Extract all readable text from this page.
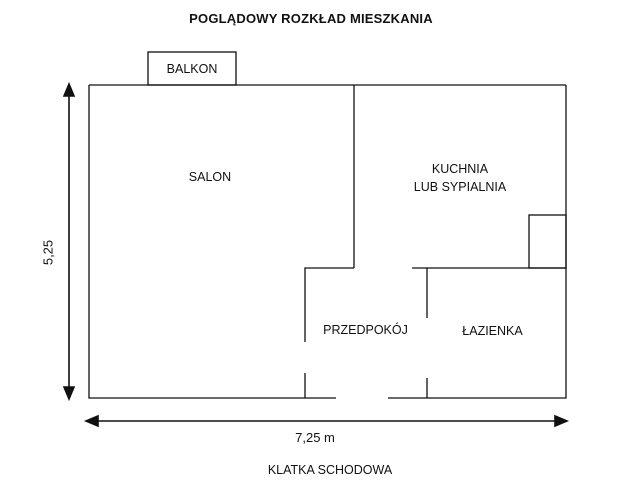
POGLĄDOWY ROZKŁAD MIESZKANIA
BALKON
SALON
KUCHNIA
LUB SYPIALNIA
PRZEDPOKÓJ	ŁAZIENKA
5,25
7,25 m
KLATKA SCHODOWA
